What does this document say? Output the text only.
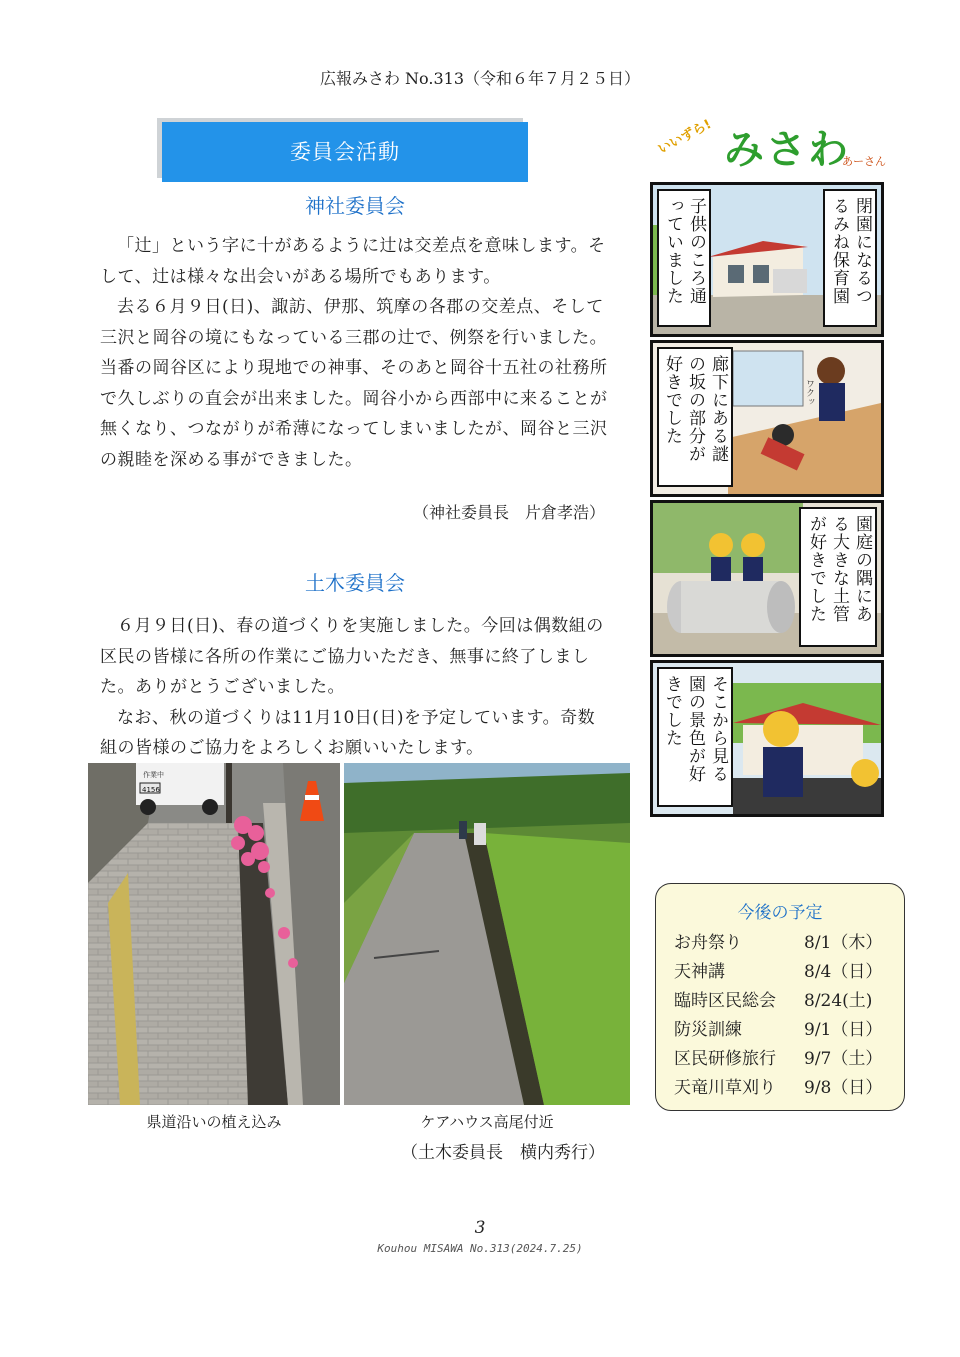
広報みさわ No.313（令和６年７月２５日）
委員会活動
神社委員会

「辻」という字に十があるように辻は交差点を意味します。そして、辻は様々な出会いがある場所でもあります。

去る６月９日(日)、諏訪、伊那、筑摩の各郡の交差点、そして三沢と岡谷の境にもなっている三郡の辻で、例祭を行いました。当番の岡谷区により現地での神事、そのあと岡谷十五社の社務所で久しぶりの直会が出来ました。岡谷小から西部中に来ることが無くなり、つながりが希薄になってしまいましたが、岡谷と三沢の親睦を深める事ができました。

（神社委員長　片倉孝浩）
土木委員会

６月９日(日)、春の道づくりを実施しました。今回は偶数組の区民の皆様に各所の作業にご協力いただき、無事に終了しました。ありがとうございました。

なお、秋の道づくりは11月10日(日)を予定しています。奇数組の皆様のご協力をよろしくお願いいたします。

作業中
4156
県道沿いの植え込み	ケアハウス高尾付近
（土木委員長　横内秀行）
いいずら! みさわ
あーさん
閉園になるつるみね保育園
子供のころ通っていました
廊下にある謎の坂の部分が好きでした	ワクッ
園庭の隅にある大きな土管が好きでした
そこから見る園の景色が好きでした
今後の予定
お舟祭り	8/1（木）
天神講	8/4（日）
臨時区民総会 8/24(土)
防災訓練	9/1（日）
区民研修旅行 9/7（土）
天竜川草刈り 9/8（日）
3
Kouhou MISAWA No.313(2024.7.25)
